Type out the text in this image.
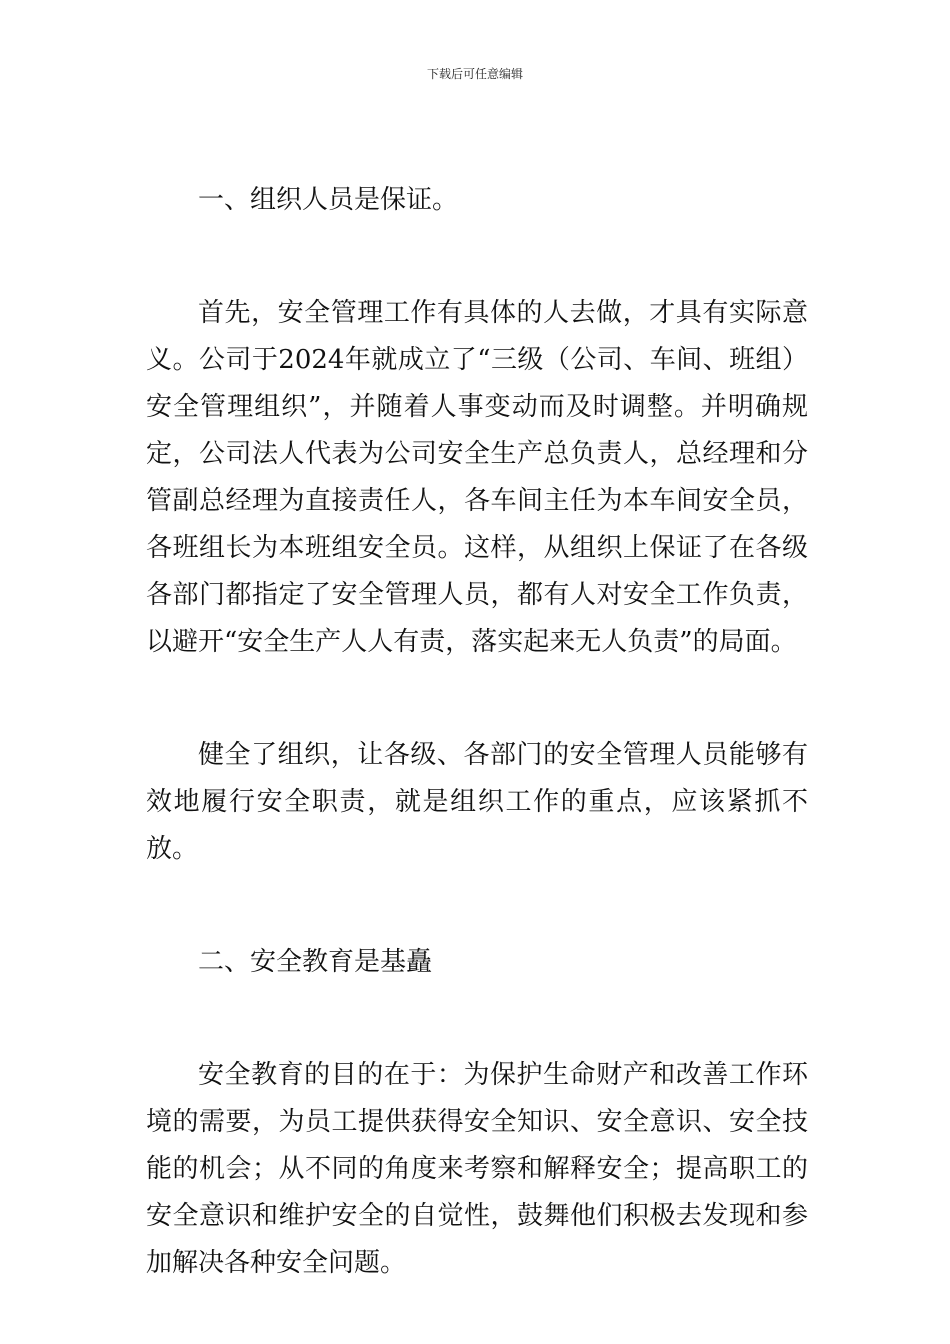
下载后可任意编辑

一、组织人员是保证。

首先，安全管理工作有具体的人去做，才具有实际意义。公司于2024年就成立了“三级（公司、车间、班组）安全管理组织”，并随着人事变动而及时调整。并明确规定，公司法人代表为公司安全生产总负责人，总经理和分管副总经理为直接责任人，各车间主任为本车间安全员，各班组长为本班组安全员。这样，从组织上保证了在各级各部门都指定了安全管理人员，都有人对安全工作负责，以避开“安全生产人人有责，落实起来无人负责”的局面。

健全了组织，让各级、各部门的安全管理人员能够有效地履行安全职责，就是组织工作的重点，应该紧抓不放。

二、安全教育是基矗

安全教育的目的在于：为保护生命财产和改善工作环境的需要，为员工提供获得安全知识、安全意识、安全技能的机会；从不同的角度来考察和解释安全；提高职工的安全意识和维护安全的自觉性，鼓舞他们积极去发现和参加解决各种安全问题。
